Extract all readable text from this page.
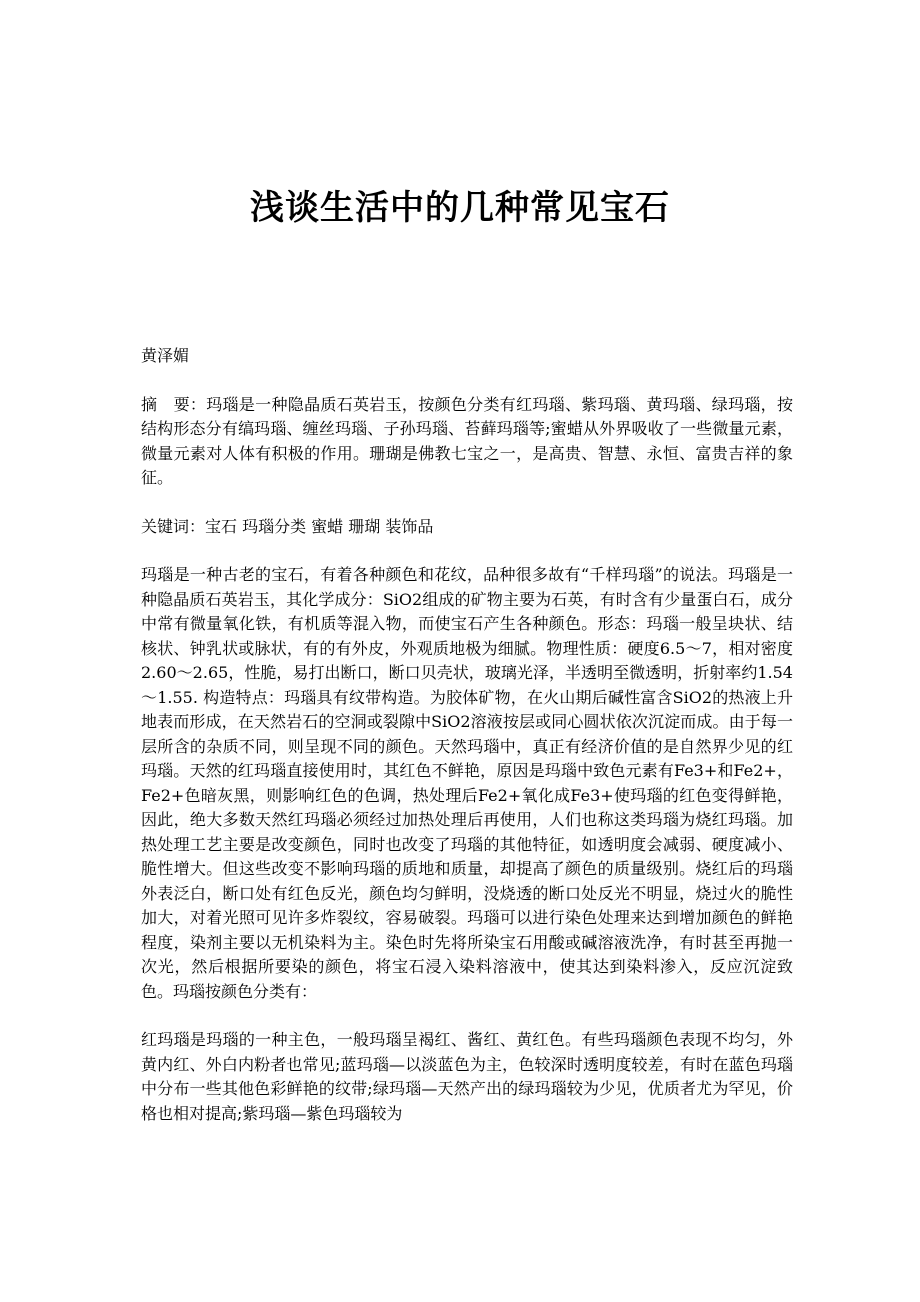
浅谈生活中的几种常见宝石

黄泽媚

摘　要：玛瑙是一种隐晶质石英岩玉，按颜色分类有红玛瑙、紫玛瑙、黄玛瑙、绿玛瑙，按结构形态分有缟玛瑙、缠丝玛瑙、子孙玛瑙、苔藓玛瑙等;蜜蜡从外界吸收了一些微量元素，微量元素对人体有积极的作用。珊瑚是佛教七宝之一，是高贵、智慧、永恒、富贵吉祥的象征。

关键词：宝石 玛瑙分类 蜜蜡 珊瑚 装饰品

玛瑙是一种古老的宝石，有着各种颜色和花纹，品种很多故有“千样玛瑙”的说法。玛瑙是一种隐晶质石英岩玉，其化学成分：SiO2组成的矿物主要为石英，有时含有少量蛋白石，成分中常有微量氧化铁，有机质等混入物，而使宝石产生各种颜色。形态：玛瑙一般呈块状、结核状、钟乳状或脉状，有的有外皮，外观质地极为细腻。物理性质：硬度6.5～7，相对密度2.60～2.65，性脆，易打出断口，断口贝壳状，玻璃光泽，半透明至微透明，折射率约1.54～1.55. 构造特点：玛瑙具有纹带构造。为胶体矿物，在火山期后碱性富含SiO2的热液上升地表而形成，在天然岩石的空洞或裂隙中SiO2溶液按层或同心圆状依次沉淀而成。由于每一层所含的杂质不同，则呈现不同的颜色。天然玛瑙中，真正有经济价值的是自然界少见的红玛瑙。天然的红玛瑙直接使用时，其红色不鲜艳，原因是玛瑙中致色元素有Fe3+和Fe2+，Fe2+色暗灰黑，则影响红色的色调，热处理后Fe2+氧化成Fe3+使玛瑙的红色变得鲜艳，因此，绝大多数天然红玛瑙必须经过加热处理后再使用，人们也称这类玛瑙为烧红玛瑙。加热处理工艺主要是改变颜色，同时也改变了玛瑙的其他特征，如透明度会减弱、硬度减小、脆性增大。但这些改变不影响玛瑙的质地和质量，却提高了颜色的质量级别。烧红后的玛瑙外表泛白，断口处有红色反光，颜色均匀鲜明，没烧透的断口处反光不明显，烧过火的脆性加大，对着光照可见许多炸裂纹，容易破裂。玛瑙可以进行染色处理来达到增加颜色的鲜艳程度，染剂主要以无机染料为主。染色时先将所染宝石用酸或碱溶液洗净，有时甚至再抛一次光，然后根据所要染的颜色，将宝石浸入染料溶液中，使其达到染料渗入，反应沉淀致色。玛瑙按颜色分类有：

红玛瑙是玛瑙的一种主色，一般玛瑙呈褐红、酱红、黄红色。有些玛瑙颜色表现不均匀，外黄内红、外白内粉者也常见;蓝玛瑙—以淡蓝色为主，色较深时透明度较差，有时在蓝色玛瑙中分布一些其他色彩鲜艳的纹带;绿玛瑙—天然产出的绿玛瑙较为少见，优质者尤为罕见，价格也相对提高;紫玛瑙—紫色玛瑙较为
